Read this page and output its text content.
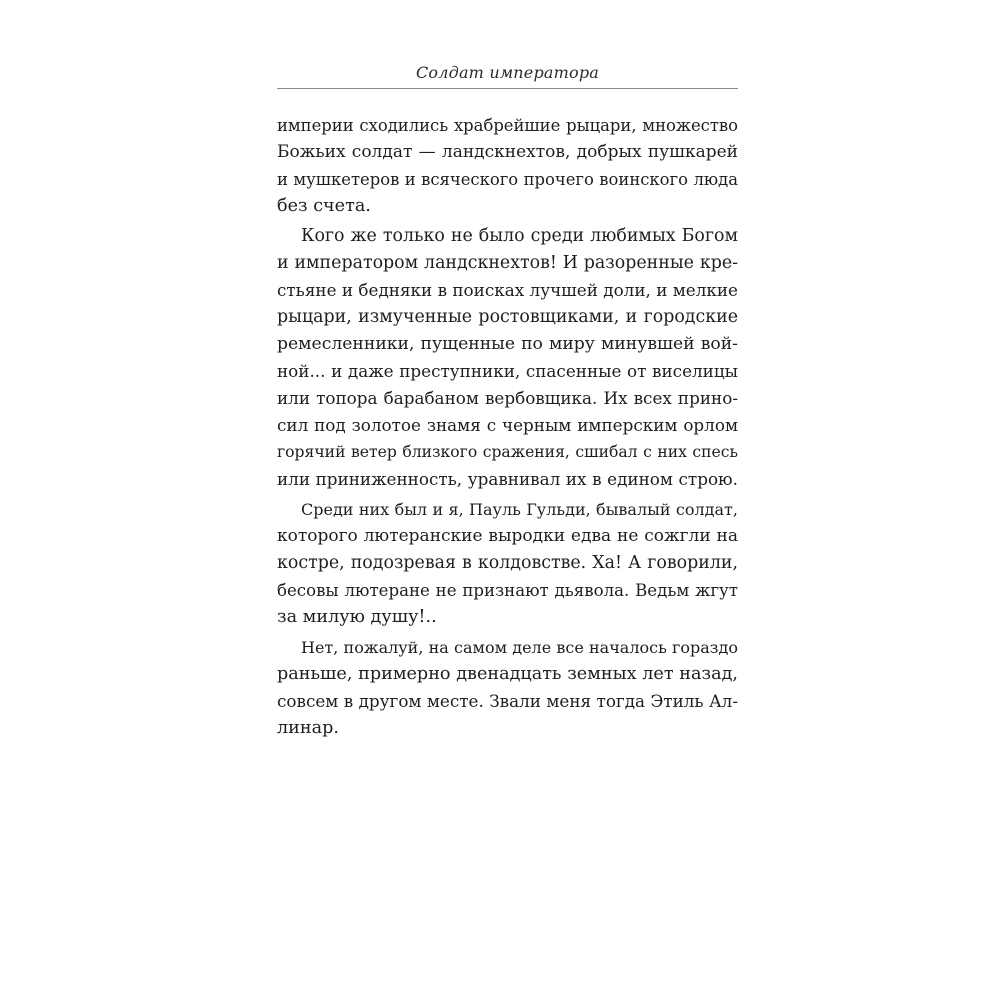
Солдат императора
империи сходились храбрейшие рыцари, множество
Божьих солдат — ландскнехтов, добрых пушкарей
и мушкетеров и всяческого прочего воинского люда
без счета.
Кого же только не было среди любимых Богом
и императором ландскнехтов! И разоренные кре-
стьяне и бедняки в поисках лучшей доли, и мелкие
рыцари, измученные ростовщиками, и городские
ремесленники, пущенные по миру минувшей вой-
ной... и даже преступники, спасенные от виселицы
или топора барабаном вербовщика. Их всех прино-
сил под золотое знамя с черным имперским орлом
горячий ветер близкого сражения, сшибал с них спесь
или приниженность, уравнивал их в едином строю.
Среди них был и я, Пауль Гульди, бывалый солдат,
которого лютеранские выродки едва не сожгли на
костре, подозревая в колдовстве. Ха! А говорили,
бесовы лютеране не признают дьявола. Ведьм жгут
за милую душу!..
Нет, пожалуй, на самом деле все началось гораздо
раньше, примерно двенадцать земных лет назад,
совсем в другом месте. Звали меня тогда Этиль Ал-
линар.
